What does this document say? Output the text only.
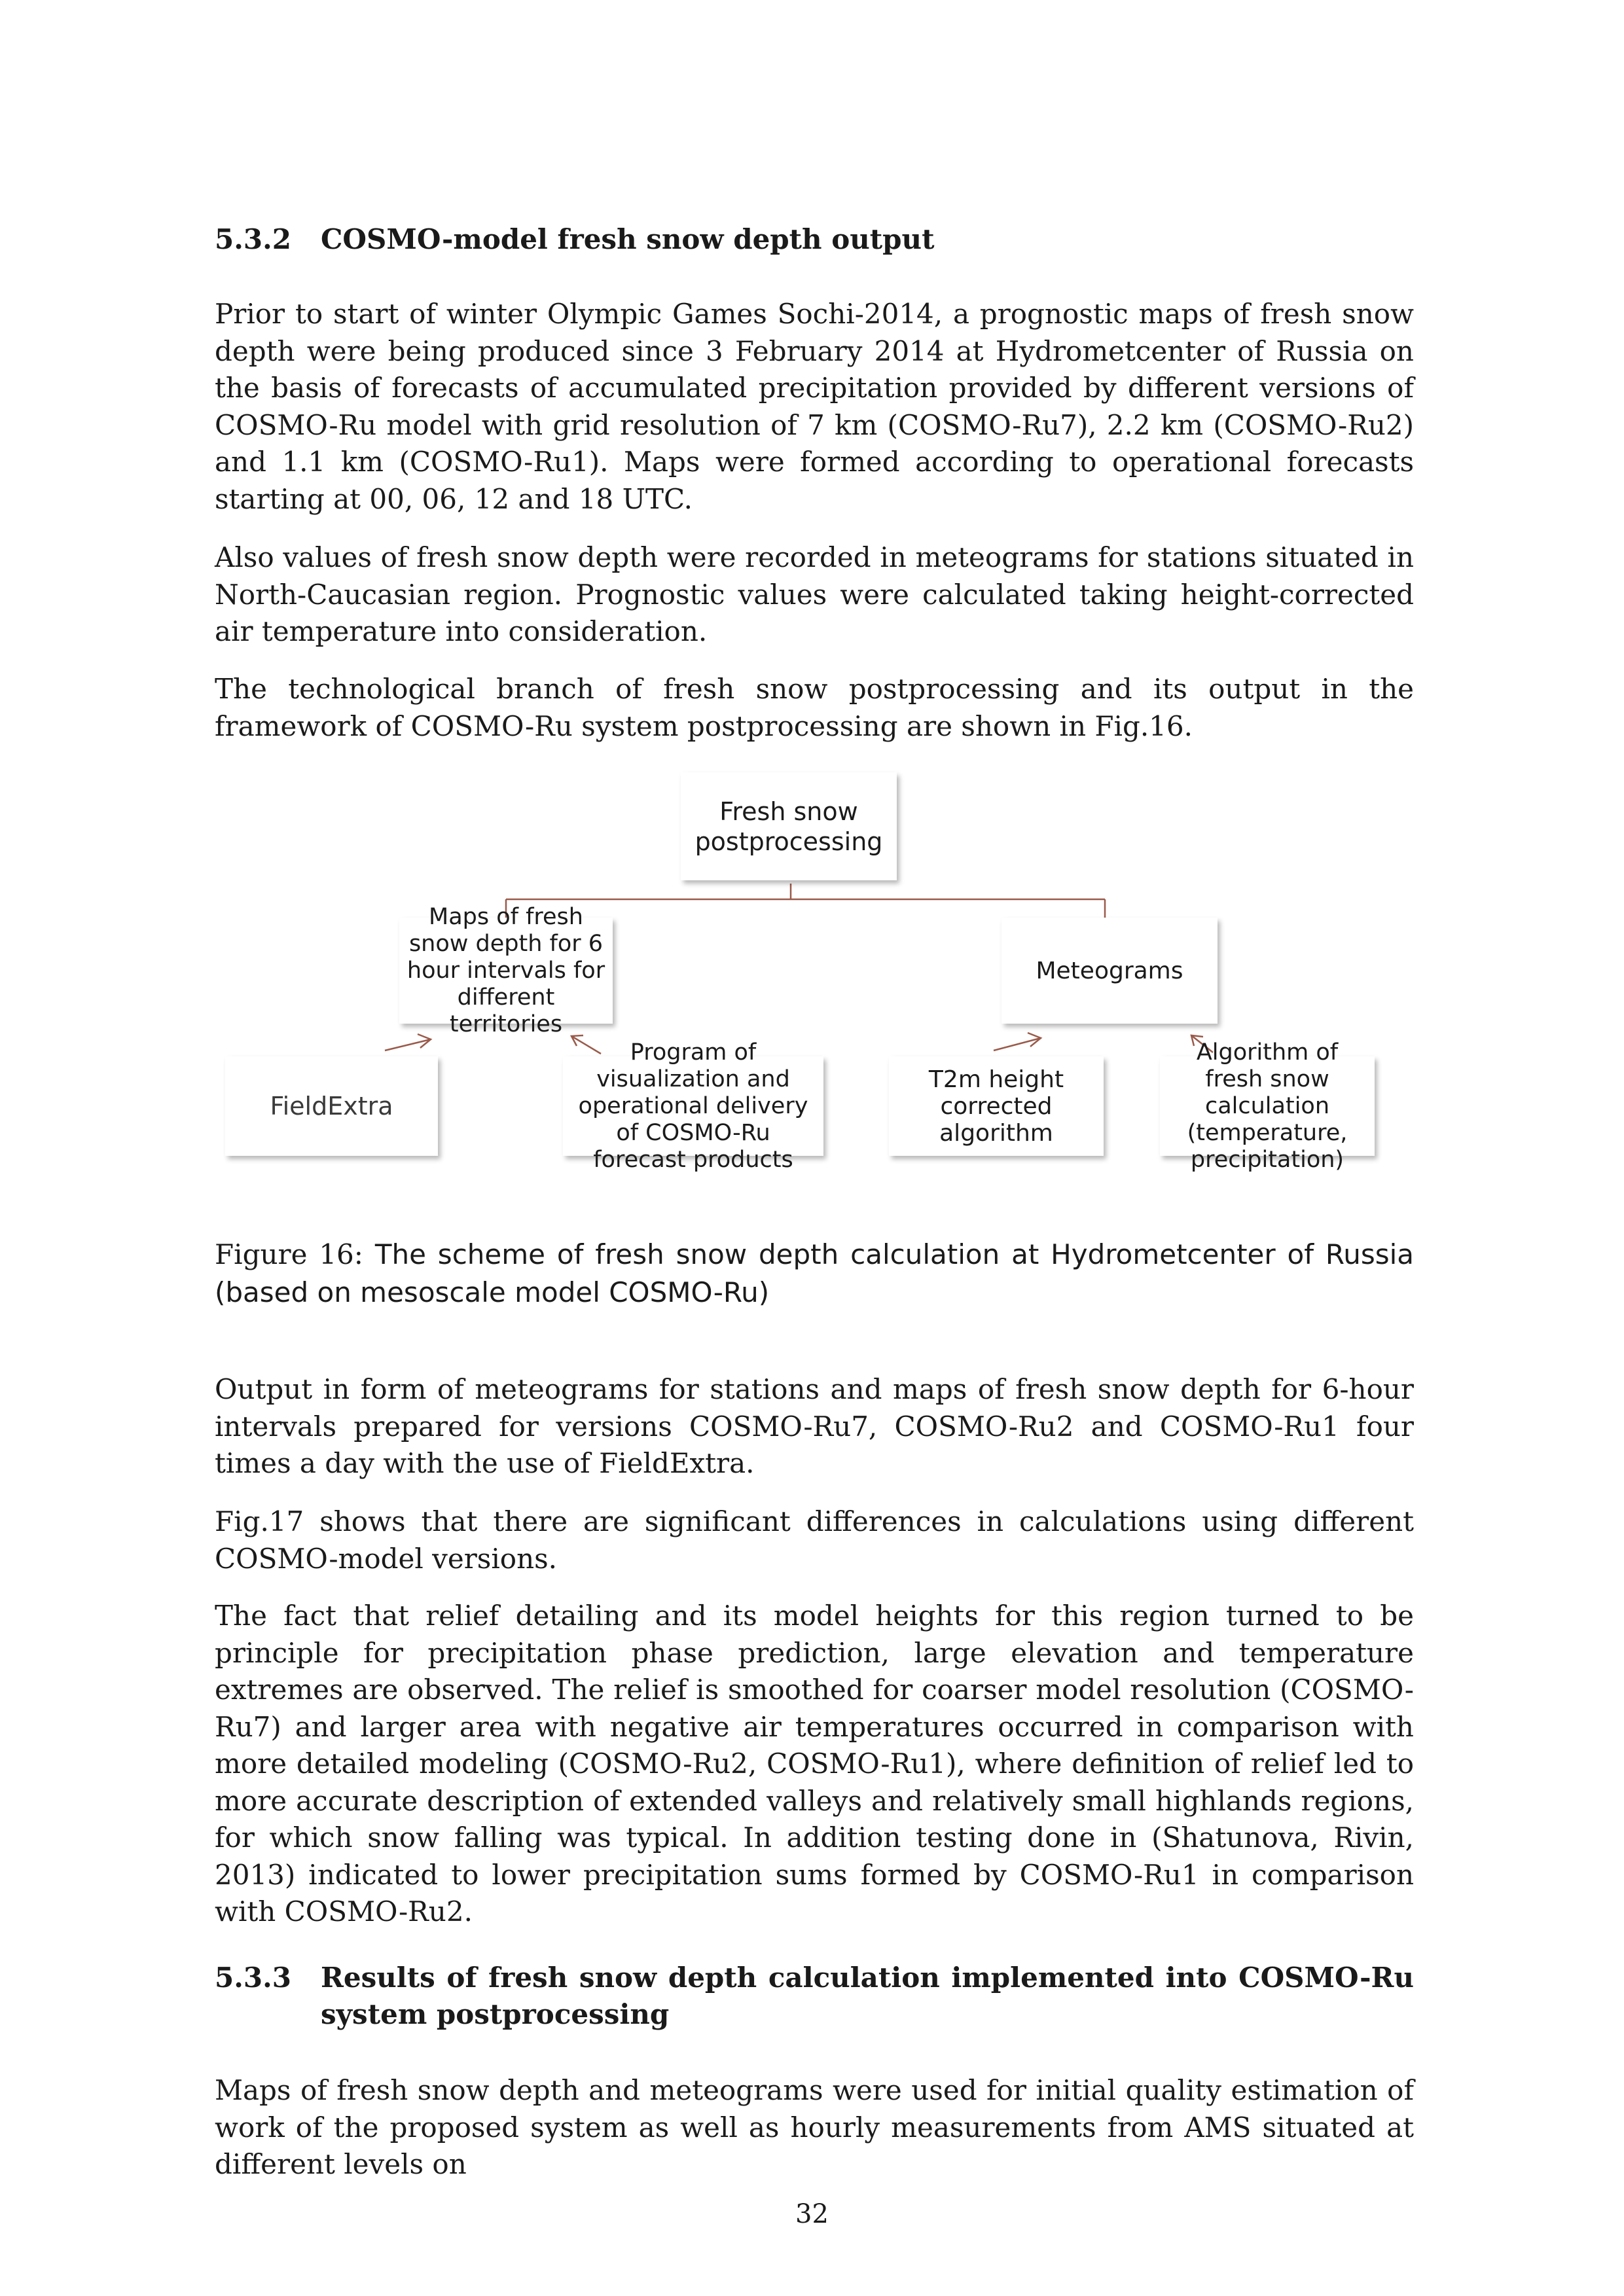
5.3.2 COSMO-model fresh snow depth output

Prior to start of winter Olympic Games Sochi-2014, a prognostic maps of fresh snow depth were being produced since 3 February 2014 at Hydrometcenter of Russia on the basis of forecasts of accumulated precipitation provided by different versions of COSMO-Ru model with grid resolution of 7 km (COSMO-Ru7), 2.2 km (COSMO-Ru2) and 1.1 km (COSMO-Ru1). Maps were formed according to operational forecasts starting at 00, 06, 12 and 18 UTC.

Also values of fresh snow depth were recorded in meteograms for stations situated in North-Caucasian region. Prognostic values were calculated taking height-corrected air temperature into consideration.

The technological branch of fresh snow postprocessing and its output in the framework of COSMO-Ru system postprocessing are shown in Fig.16.

Fresh snow postprocessing
Maps of fresh snow depth for 6 hour intervals for different territories
Meteograms
FieldExtra
Program of visualization and operational delivery of COSMO-Ru forecast products
T2m height corrected algorithm
Algorithm of fresh snow calculation (temperature, precipitation)
Figure 16: The scheme of fresh snow depth calculation at Hydrometcenter of Russia (based on mesoscale model COSMO-Ru)

Output in form of meteograms for stations and maps of fresh snow depth for 6-hour intervals prepared for versions COSMO-Ru7, COSMO-Ru2 and COSMO-Ru1 four times a day with the use of FieldExtra.

Fig.17 shows that there are significant differences in calculations using different COSMO-model versions.

The fact that relief detailing and its model heights for this region turned to be principle for precipitation phase prediction, large elevation and temperature extremes are observed. The relief is smoothed for coarser model resolution (COSMO-Ru7) and larger area with negative air temperatures occurred in comparison with more detailed modeling (COSMO-Ru2, COSMO-Ru1), where definition of relief led to more accurate description of extended valleys and relatively small highlands regions, for which snow falling was typical. In addition testing done in (Shatunova, Rivin, 2013) indicated to lower precipitation sums formed by COSMO-Ru1 in comparison with COSMO-Ru2.

5.3.3 Results of fresh snow depth calculation implemented into COSMO-Ru system postprocessing

Maps of fresh snow depth and meteograms were used for initial quality estimation of work of the proposed system as well as hourly measurements from AMS situated at different levels on

32
